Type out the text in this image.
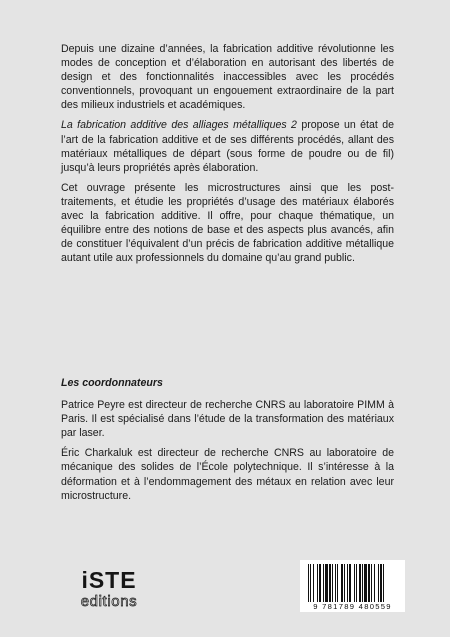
Depuis une dizaine d’années, la fabrication additive révolutionne les modes de conception et d’élaboration en autorisant des libertés de design et des fonctionnalités inaccessibles avec les procédés conventionnels, provoquant un engouement extraordinaire de la part des milieux industriels et académiques.

La fabrication additive des alliages métalliques 2 propose un état de l’art de la fabrication additive et de ses différents procédés, allant des matériaux métalliques de départ (sous forme de poudre ou de fil) jusqu’à leurs propriétés après élaboration.

Cet ouvrage présente les microstructures ainsi que les post-traitements, et étudie les propriétés d’usage des matériaux élaborés avec la fabrication additive. Il offre, pour chaque thématique, un équilibre entre des notions de base et des aspects plus avancés, afin de constituer l’équivalent d’un précis de fabrication additive métallique autant utile aux professionnels du domaine qu’au grand public.

Les coordonnateurs

Patrice Peyre est directeur de recherche CNRS au laboratoire PIMM à Paris. Il est spécialisé dans l’étude de la transformation des matériaux par laser.

Éric Charkaluk est directeur de recherche CNRS au laboratoire de mécanique des solides de l’École polytechnique. Il s’intéresse à la déformation et à l’endommagement des métaux en relation avec leur microstructure.

iSTE
editions	9 781789 480559
